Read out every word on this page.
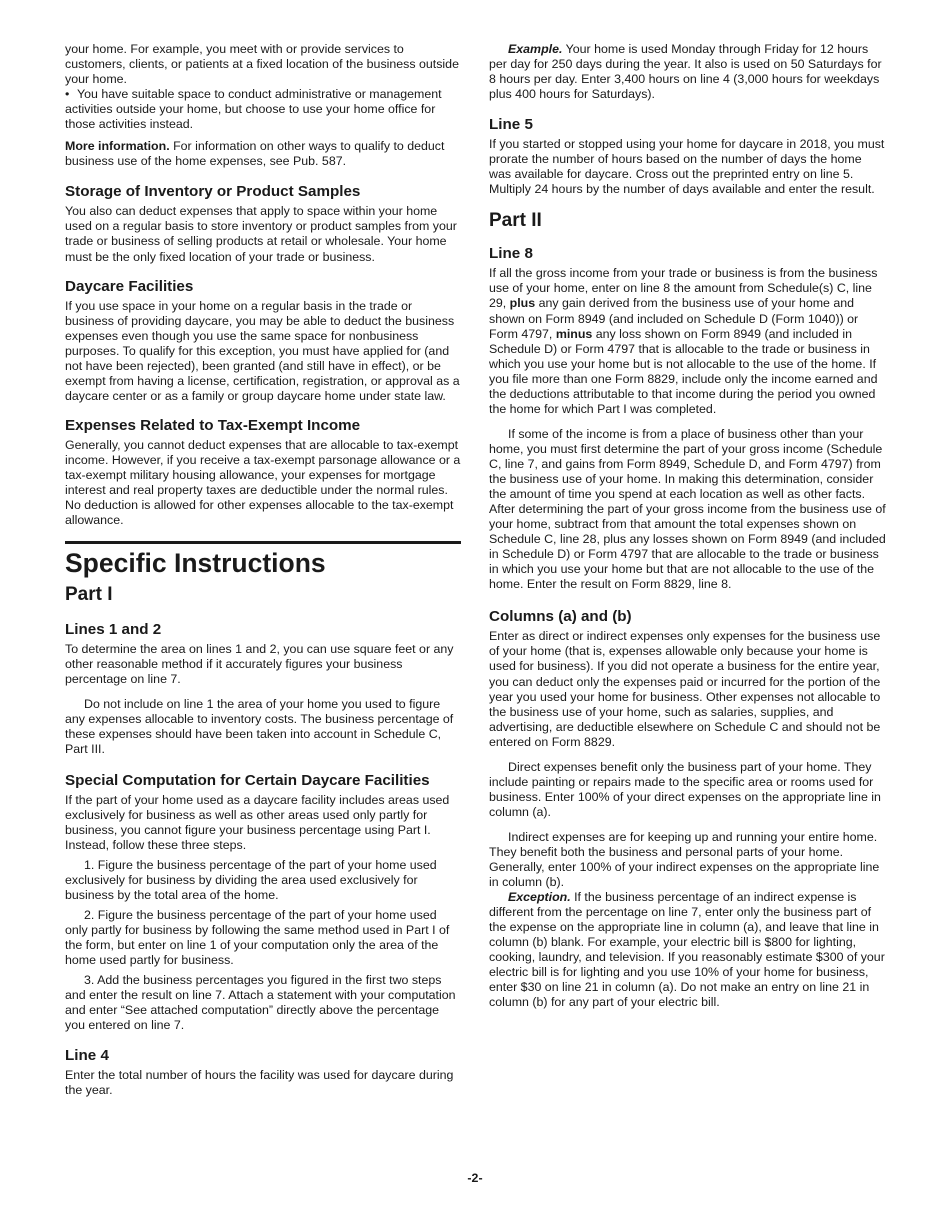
your home. For example, you meet with or provide services to customers, clients, or patients at a fixed location of the business outside your home.

• You have suitable space to conduct administrative or management activities outside your home, but choose to use your home office for those activities instead.

More information. For information on other ways to qualify to deduct business use of the home expenses, see Pub. 587.

Storage of Inventory or Product Samples

You also can deduct expenses that apply to space within your home used on a regular basis to store inventory or product samples from your trade or business of selling products at retail or wholesale. Your home must be the only fixed location of your trade or business.

Daycare Facilities

If you use space in your home on a regular basis in the trade or business of providing daycare, you may be able to deduct the business expenses even though you use the same space for nonbusiness purposes. To qualify for this exception, you must have applied for (and not have been rejected), been granted (and still have in effect), or be exempt from having a license, certification, registration, or approval as a daycare center or as a family or group daycare home under state law.

Expenses Related to Tax-Exempt Income

Generally, you cannot deduct expenses that are allocable to tax-exempt income. However, if you receive a tax-exempt parsonage allowance or a tax-exempt military housing allowance, your expenses for mortgage interest and real property taxes are deductible under the normal rules. No deduction is allowed for other expenses allocable to the tax-exempt allowance.

Specific Instructions
Part I
Lines 1 and 2

To determine the area on lines 1 and 2, you can use square feet or any other reasonable method if it accurately figures your business percentage on line 7.

Do not include on line 1 the area of your home you used to figure any expenses allocable to inventory costs. The business percentage of these expenses should have been taken into account in Schedule C, Part III.

Special Computation for Certain Daycare Facilities

If the part of your home used as a daycare facility includes areas used exclusively for business as well as other areas used only partly for business, you cannot figure your business percentage using Part I. Instead, follow these three steps.

1. Figure the business percentage of the part of your home used exclusively for business by dividing the area used exclusively for business by the total area of the home.

2. Figure the business percentage of the part of your home used only partly for business by following the same method used in Part I of the form, but enter on line 1 of your computation only the area of the home used partly for business.

3. Add the business percentages you figured in the first two steps and enter the result on line 7. Attach a statement with your computation and enter “See attached computation” directly above the percentage you entered on line 7.

Line 4

Enter the total number of hours the facility was used for daycare during the year.

Example. Your home is used Monday through Friday for 12 hours per day for 250 days during the year. It also is used on 50 Saturdays for 8 hours per day. Enter 3,400 hours on line 4 (3,000 hours for weekdays plus 400 hours for Saturdays).

Line 5

If you started or stopped using your home for daycare in 2018, you must prorate the number of hours based on the number of days the home was available for daycare. Cross out the preprinted entry on line 5. Multiply 24 hours by the number of days available and enter the result.

Part II
Line 8

If all the gross income from your trade or business is from the business use of your home, enter on line 8 the amount from Schedule(s) C, line 29, plus any gain derived from the business use of your home and shown on Form 8949 (and included on Schedule D (Form 1040)) or Form 4797, minus any loss shown on Form 8949 (and included in Schedule D) or Form 4797 that is allocable to the trade or business in which you use your home but is not allocable to the use of the home. If you file more than one Form 8829, include only the income earned and the deductions attributable to that income during the period you owned the home for which Part I was completed.

If some of the income is from a place of business other than your home, you must first determine the part of your gross income (Schedule C, line 7, and gains from Form 8949, Schedule D, and Form 4797) from the business use of your home. In making this determination, consider the amount of time you spend at each location as well as other facts. After determining the part of your gross income from the business use of your home, subtract from that amount the total expenses shown on Schedule C, line 28, plus any losses shown on Form 8949 (and included in Schedule D) or Form 4797 that are allocable to the trade or business in which you use your home but that are not allocable to the use of the home. Enter the result on Form 8829, line 8.

Columns (a) and (b)

Enter as direct or indirect expenses only expenses for the business use of your home (that is, expenses allowable only because your home is used for business). If you did not operate a business for the entire year, you can deduct only the expenses paid or incurred for the portion of the year you used your home for business. Other expenses not allocable to the business use of your home, such as salaries, supplies, and advertising, are deductible elsewhere on Schedule C and should not be entered on Form 8829.

Direct expenses benefit only the business part of your home. They include painting or repairs made to the specific area or rooms used for business. Enter 100% of your direct expenses on the appropriate line in column (a).

Indirect expenses are for keeping up and running your entire home. They benefit both the business and personal parts of your home. Generally, enter 100% of your indirect expenses on the appropriate line in column (b).

Exception. If the business percentage of an indirect expense is different from the percentage on line 7, enter only the business part of the expense on the appropriate line in column (a), and leave that line in column (b) blank. For example, your electric bill is $800 for lighting, cooking, laundry, and television. If you reasonably estimate $300 of your electric bill is for lighting and you use 10% of your home for business, enter $30 on line 21 in column (a). Do not make an entry on line 21 in column (b) for any part of your electric bill.

-2-
